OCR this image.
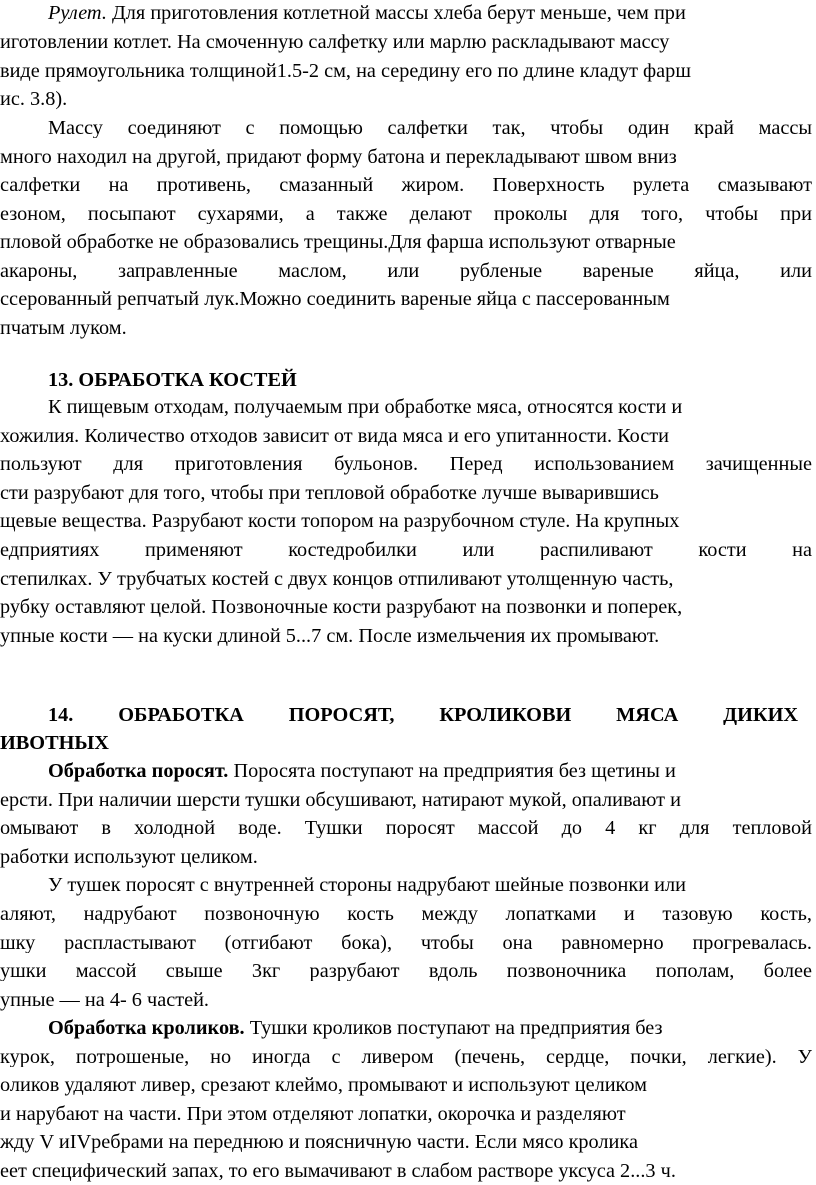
Рулет. Для приготовления котлетной массы хлеба берут меньше, чем при

иготовлении котлет. На смоченную салфетку или марлю раскладывают массу

виде прямоугольника толщиной1.5-2 см, на середину его по длине кладут фарш

ис. 3.8).

Массу соединяют с помощью салфетки так, чтобы один край массы

много находил на другой, придают форму батона и перекладывают швом вниз

салфетки на противень, смазанный жиром. Поверхность рулета смазывают

езоном, посыпают сухарями, а также делают проколы для того, чтобы при

пловой обработке не образовались трещины.Для фарша используют отварные

акароны, заправленные маслом, или рубленые вареные яйца, или

ссерованный репчатый лук.Можно соединить вареные яйца с пассерованным

пчатым луком.

13. ОБРАБОТКА КОСТЕЙ

К пищевым отходам, получаемым при обработке мяса, относятся кости и

хожилия. Количество отходов зависит от вида мяса и его упитанности. Кости

пользуют для приготовления бульонов. Перед использованием зачищенные

сти разрубают для того, чтобы при тепловой обработке лучше выварившись

щевые вещества. Разрубают кости топором на разрубочном стуле. На крупных

едприятиях применяют костедробилки или распиливают кости на

степилках. У трубчатых костей с двух концов отпиливают утолщенную часть,

рубку оставляют целой. Позвоночные кости разрубают на позвонки и поперек,

упные кости — на куски длиной 5...7 см. После измельчения их промывают.

14. ОБРАБОТКА ПОРОСЯТ, КРОЛИКОВИ МЯСА ДИКИХ

ИВОТНЫХ

Обработка поросят. Поросята поступают на предприятия без щетины и

ерсти. При наличии шерсти тушки обсушивают, натирают мукой, опаливают и

омывают в холодной воде. Тушки поросят массой до 4 кг для тепловой

работки используют целиком.

У тушек поросят с внутренней стороны надрубают шейные позвонки или

аляют, надрубают позвоночную кость между лопатками и тазовую кость,

шку распластывают (отгибают бока), чтобы она равномерно прогревалась.

ушки массой свыше 3кг разрубают вдоль позвоночника пополам, более

упные — на 4- 6 частей.

Обработка кроликов. Тушки кроликов поступают на предприятия без

курок, потрошеные, но иногда с ливером (печень, сердце, почки, легкие). У

оликов удаляют ливер, срезают клеймо, промывают и используют целиком

и нарубают на части. При этом отделяют лопатки, окорочка и разделяют

жду V иIVребрами на переднюю и поясничную части. Если мясо кролика

еет специфический запах, то его вымачивают в слабом растворе уксуса 2...3 ч.
